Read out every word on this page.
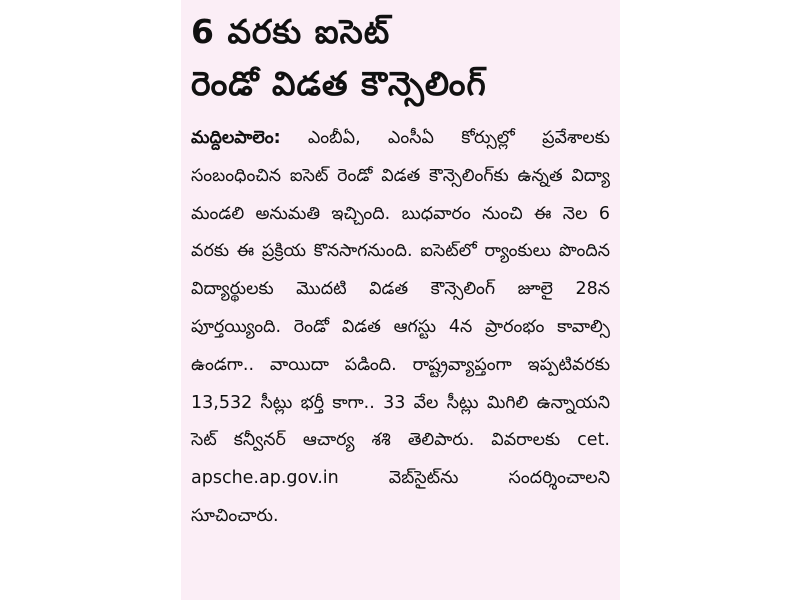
6 వరకు ఐసెట్
రెండో విడత కౌన్సెలింగ్

మద్దిలపాలెం: ఎంబీఏ, ఎంసీఏ కోర్సుల్లో ప్రవేశాలకు సంబంధించిన ఐసెట్ రెండో విడత కౌన్సెలింగ్‌కు ఉన్నత విద్యా మండలి అనుమతి ఇచ్చింది. బుధవారం నుంచి ఈ నెల 6 వరకు ఈ ప్రక్రియ కొనసాగనుంది. ఐసెట్‌లో ర్యాంకులు పొందిన విద్యార్థులకు మొదటి విడత కౌన్సెలింగ్ జూలై 28న పూర్తయ్యింది. రెండో విడత ఆగస్టు 4న ప్రారంభం కావాల్సి ఉండగా.. వాయిదా పడింది. రాష్ట్రవ్యాప్తంగా ఇప్పటివరకు 13,532 సీట్లు భర్తీ కాగా.. 33 వేల సీట్లు మిగిలి ఉన్నాయని సెట్ కన్వీనర్ ఆచార్య శశి తెలిపారు. వివరాలకు cet. apsche.ap.gov.in వెబ్‌సైట్‌ను సందర్శించాలని సూచించారు.
